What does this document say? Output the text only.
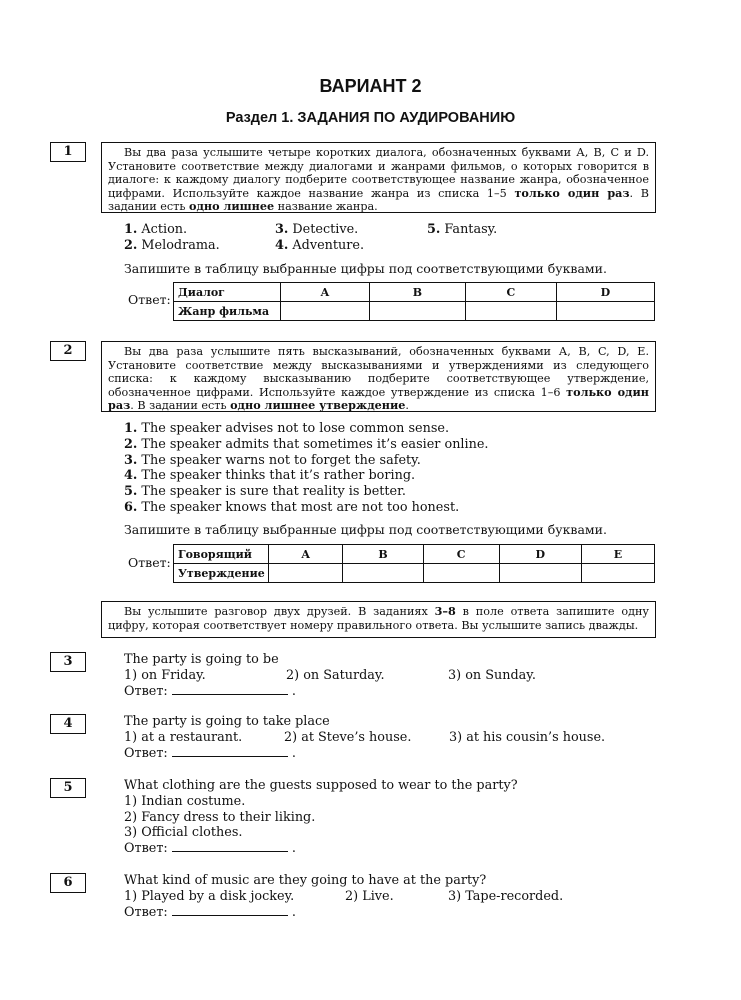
ВАРИАНТ 2
Раздел 1. ЗАДАНИЯ ПО АУДИРОВАНИЮ
1	Вы два раза услышите четыре коротких диалога, обозначенных буквами А, B, C и D. Установите соответствие между диалогами и жанрами фильмов, о которых говорится в диалоге: к каждому диалогу подберите соответствующее название жанра, обозначенное цифрами. Используйте каждое название жанра из списка 1–5 только один раз. В задании есть одно лишнее название жанра.

1. Action.	3. Detective.	5. Fantasy.
2. Melodrama.	4. Adventure.
Запишите в таблицу выбранные цифры под соответствующими буквами.
Ответ: Диалог	A	B	C	D
Жанр фильма				
2	Вы два раза услышите пять высказываний, обозначенных буквами А, B, C, D, E. Установите соответствие между высказываниями и утверждениями из следующего списка: к каждому высказыванию подберите соответствующее утверждение, обозначенное цифрами. Используйте каждое утверждение из списка 1–6 только один раз. В задании есть одно лишнее утверждение.

1. The speaker advises not to lose common sense.
2. The speaker admits that sometimes it’s easier online.
3. The speaker warns not to forget the safety.
4. The speaker thinks that it’s rather boring.
5. The speaker is sure that reality is better.
6. The speaker knows that most are not too honest.
Запишите в таблицу выбранные цифры под соответствующими буквами.
Ответ:
Говорящий	A	B	C	D	E
Утверждение					

Вы услышите разговор двух друзей. В заданиях 3–8 в поле ответа запишите одну цифру, которая соответствует номеру правильного ответа. Вы услышите запись дважды.

3	The party is going to be
1) on Friday.	2) on Saturday.	3) on Sunday.
Ответ:	.
4	The party is going to take place
1) at a restaurant.	2) at Steve’s house.	3) at his cousin’s house.
Ответ:	.
5	What clothing are the guests supposed to wear to the party?
1) Indian costume.
2) Fancy dress to their liking.
3) Official clothes.
Ответ:	.
6	What kind of music are they going to have at the party?
1) Played by a disk jockey.	2) Live.	3) Tape-recorded.
Ответ:	.
